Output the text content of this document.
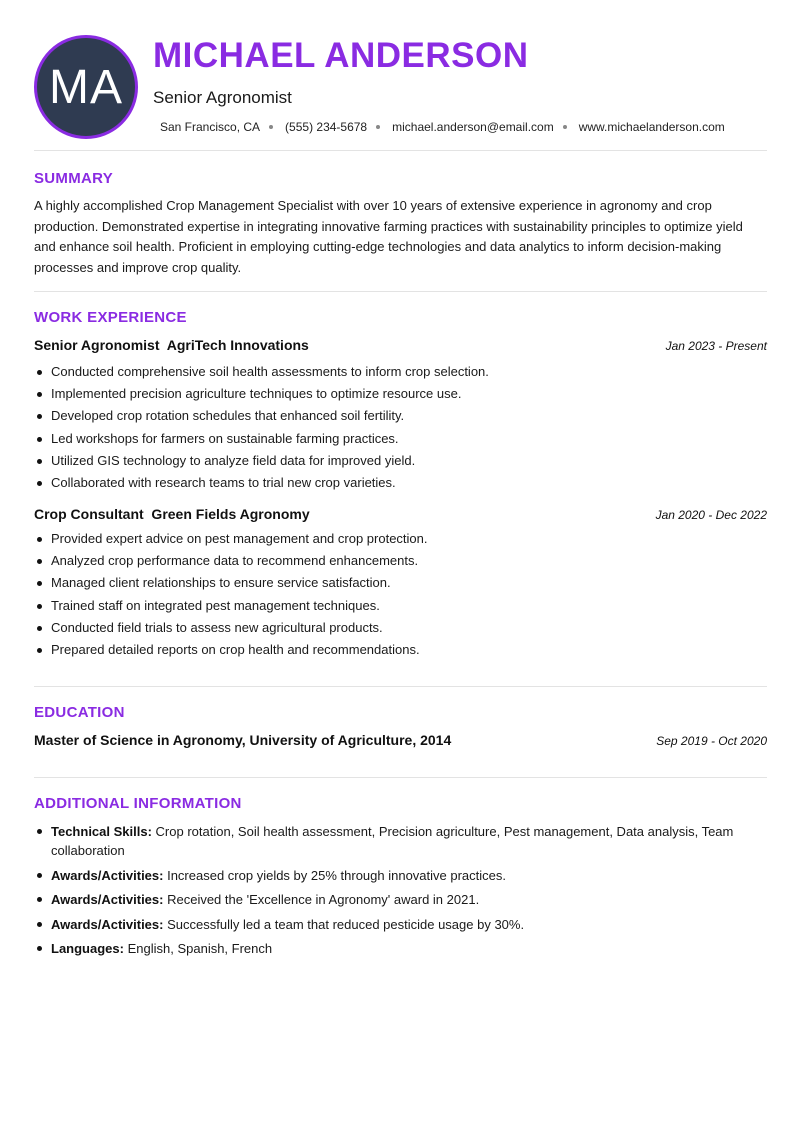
MA
MICHAEL ANDERSON
Senior Agronomist
San Francisco, CA (555) 234-5678 michael.anderson@email.com www.michaelanderson.com
SUMMARY

A highly accomplished Crop Management Specialist with over 10 years of extensive experience in agronomy and crop production. Demonstrated expertise in integrating innovative farming practices with sustainability principles to optimize yield and enhance soil health. Proficient in employing cutting-edge technologies and data analytics to inform decision-making processes and improve crop quality.

WORK EXPERIENCE
Senior Agronomist  AgriTech Innovations	Jan 2023 - Present
Conducted comprehensive soil health assessments to inform crop selection.
Implemented precision agriculture techniques to optimize resource use.
Developed crop rotation schedules that enhanced soil fertility.
Led workshops for farmers on sustainable farming practices.
Utilized GIS technology to analyze field data for improved yield.
Collaborated with research teams to trial new crop varieties.
Crop Consultant  Green Fields Agronomy	Jan 2020 - Dec 2022
Provided expert advice on pest management and crop protection.
Analyzed crop performance data to recommend enhancements.
Managed client relationships to ensure service satisfaction.
Trained staff on integrated pest management techniques.
Conducted field trials to assess new agricultural products.
Prepared detailed reports on crop health and recommendations.
EDUCATION
Master of Science in Agronomy, University of Agriculture, 2014	Sep 2019 - Oct 2020
ADDITIONAL INFORMATION
Technical Skills: Crop rotation, Soil health assessment, Precision agriculture, Pest management, Data analysis, Team collaboration
Awards/Activities: Increased crop yields by 25% through innovative practices.
Awards/Activities: Received the 'Excellence in Agronomy' award in 2021.
Awards/Activities: Successfully led a team that reduced pesticide usage by 30%.
Languages: English, Spanish, French
